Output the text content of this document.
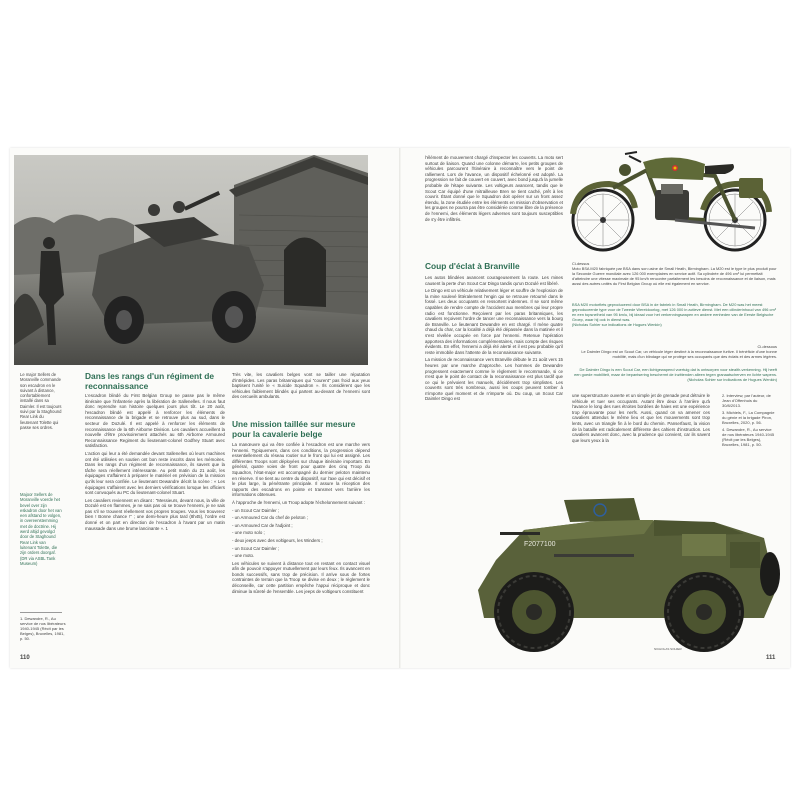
Le major Sellers de Moranville commande son escadron en le suivant à distance, confortablement installé dans sa Daimler. Il est toujours suivi par la Staghound Rear Link du lieutenant Tolette qui passe ses ordres.
Majoor Sellers de Moranville voerde het bevel over zijn eskadron door het van een afstand te volgen, in overeenstemming met de doctrine. Hij werd altijd gevolgd door de Staghound Rear Link van luitenant Tolette, die zijn orders doorgaf. (DR via ASBL Tank Museum)
1. Dewandre, R., Au service de nos libérateurs 1940-1945 (Récit par les Belges), Bruxelles, 1981, p. 50.
Dans les rangs d'un régiment de reconnaissance

L'escadron blindé du First Belgian Group ne passe pas le même itinéraire que l'infanterie après la libération de Sallenelles. Il nous faut donc reprendre son histoire quelques jours plus tôt. Le 20 août, l'escadron blindé est appelé à renforcer les éléments de reconnaissance de la brigade et se retrouve plus au sud, dans le secteur de Dozulé. Il est appelé à renforcer les éléments de reconnaissance de la 6th Airborne Division. Les cavaliers accueillent la nouvelle d'être provisoirement attachés au 6th Airborne Armoured Reconnaissance Regiment du lieutenant-colonel Godfrey Stuart avec satisfaction.

L'action qui leur a été demandée devant Sallenelles où leurs machines ont été utilisées en soutien ont bon reste inscrits dans les mémoires. Dans les rangs d'un régiment de reconnaissance, ils savent que la tâche sera réellement intéressante. Au petit matin du 21 août, les équipages s'affairent à préparer le matériel en prévision de la mission qu'ils leur sera confiée. Le lieutenant Dewandre décrit la scène : « Les équipages s'affairent avec les derniers vérifications lorsque les officiers sont convoqués au PC du lieutenant-colonel Stuart.

Les cavaliers reviennent en disant : "Messieurs, devant nous, la ville de Dozulé est en flammes, je ne sais pas où se trouve l'ennemi, je ne sais pas s'il se trouvent réellement vos propres troupes. Vous les trouverez bien ! Bonne chance !" ; une demi-heure plus tard (8h45), l'ordre est donné et on part en direction de l'escadron à l'avant par un matin maussade dans une brume lancinante ». 1

Très vite, les cavaliers belges vont se tailler une réputation d'intrépides. Les paras britanniques qui "courent" pas froid aux yeux baptisent l'unité le « Suicide Squadron ». Ils considèrent que les véhicules faiblement blindés qui partent au-devant de l'ennemi sont des cercueils ambulants.

Une mission taillée sur mesure pour la cavalerie belge

La manœuvre qui va être confiée à l'escadron est une marche vers l'ennemi. Typiquement, dans ces conditions, la progression dépend essentiellement du réseau routier sur le front qui lui est assigné. Les différentes Troops sont déployées sur chaque itinéraire important. En général, quatre voies de front pour quatre des cinq Troop du Squadron, l'état-major est accompagné du dernier peloton maintenu en réserve. Il se tient au centre du dispositif, sur l'axe qui est décisif et le plus large, la pénétrante principale. Il assure la réception des rapports des escadrons en pointe et transmet vers l'arrière les informations obtenues.

À l'approche de l'ennemi, un Troop adopte l'échelonnement suivant :

- un Scout Car Daimler ;

- un Armoured Car du chef de peloton ;

- un Armoured Car de l'adjoint ;

- une moto solo ;

- deux jeeps avec des voltigeurs, les Winders ;

- un Scout Car Daimler ;

- une moto.

Les véhicules se suivent à distance tout en restant en contact visuel afin de pouvoir s'appuyer mutuellement par leurs feux. Ils avancent en bonds successifs, sans trop de précision. Il arrive sous de fortes contraintes de terrain que la Troop se divise en deux ; le règlement le déconseille, car cette partition empêche l'appui réciproque et donc diminue la sûreté de l'ensemble. Les jeeps de voltigeurs constituent

110

l'élément de mouvement chargé d'inspecter les couverts. La moto sert surtout de liaison. Quand une colonne démarre, les petits groupes de véhicules parcourent l'itinéraire à reconnaître vers le point de ralliement. Lors de l'avance, un dispositif échelonné est adopté. La progression se fait de couvert en couvert, avec bond jusqu'à la jumelle probable de l'étape suivante. Les voltigeurs avancent, tandis que le Scout Car équipé d'une mitrailleuse Bren se tient caché, prêt à les couvrir. Étant donné que le Squadron doit opérer sur un front assez étendu, la zone étudiée entre les éléments en mission d'observation et les groupes ne pourra pas être considérée comme libre de la présence de l'ennemi, des éléments légers adverses sont toujours susceptibles de s'y être infiltrés.

Coup d'éclat à Branville

Les autos blindées avancent courageusement la route. Les mines causent la perte d'un Scout Car Dingo tandis qu'un Dozulé est libéré.

Le Dingo est un véhicule relativement léger et souffre de l'explosion de la mine soulevé littéralement l'engin qui se retrouve retourné dans le fossé. Les deux occupants en ressortent indemnes. Il se sont même capables de rendre compte de l'accident aux membres qui leur propre radio est fonctionne. Reçoivent par les paras britanniques, les cavaliers reçoivent l'ordre de tancer une reconnaissance vers la bourg de Branville. Le lieutenant Dewandre en est chargé. Il mène quatre chaud du char, car la localité a déjà été dépassée dans la matinée et il s'est révélée occupée en force par l'ennemi. Retenue l'opération apportera des informations complémentaires, mais compte des risques évidents. En effet, l'ennemi a déjà été alerté et il est peu probable qu'il reste immobile dans l'attente de la reconnaissance suivante.

La mission de reconnaissance vers Branville débute le 21 août vers 15 heures par une marche d'approche. Les hommes de Dewandre progressent exactement comme le règlement le recommande, si ce n'est que le point de contact de la reconnaissance est plus tardif que ce qui le prévoient les manuels, décidément trop simplistes. Les couverts sont très nombreux, aussi les coups peuvent tomber à n'importe quel moment et de n'importe où. Du coup, un Scout Car Daimler Dingo est

Ci-dessus
Moto BSA M20 fabriquée par BSA dans son usine de Small Heath, Birmingham. La M20 est le type le plus produit pour la Seconde Guerre mondiale avec 126 000 exemplaires en service actif. Sa cylindrée de 496 cm³ lui permettait d'atteindre une vitesse maximale de 95 km/h rencontre parfaitement les besoins de reconnaissance et de liaison, mais aussi des autres unités du First Belgian Group où elle est également en service.
BSA M20 motorfiets geproduceerd door BSA in de fabriek in Small Heath, Birmingham. De M20 was het meest geproduceerde type voor de Tweede Wereldoorlog, met 126 000 in actieve dienst. Met een cilinderinhoud van 496 cm³ en een topsnelheid van 95 km/u, bij ideaal voor het verkenningswapen en andere eenheden van de Eerste Belgische Groep, waar hij ook in dienst was.
(Nicholas Sohier sur indications de Hugues Wenkin)
Ci-dessous
Le Daimler Dingo est un Scout Car, un véhicule léger destiné à la reconnaissance furtive. Il bénéficie d'une bonne mobilité, mais d'un blindage qui ne protège ses occupants que des éclats et des armes légères.
De Daimler Dingo is een Scout Car, een lichtgewapend voertuig dat is ontworpen voor stealth-verkenning. Hij heeft een goede mobiliteit, maar de bepantsering beschermt de inzittenden alleen tegen granaatscherven en lichte wapens.
(Nicholas Sohier sur indications de Hugues Wenkin)

une superstructure ouverte et un simple jet de grenade peut détruire le véhicule et tuer ses occupants. Autant être deux à l'arrière qu'à l'avance le long des rues étroites bordées de haies est une expérience trop éprouvante pour les nerfs. Aussi, quand on va amener ces cavaliers attendus le même lieu et que les mouvements sont trop lents, avec un triangle fin à le bord du chemin. Panserfaust, la vision de la bataille est radicalement différente des cahiers d'instruction. Les cavaliers avancent donc, avec la prudence qui convient, car ils savent que leurs yeux à la

2. Interview, par l'auteur, de Jean d'Offenhuis du 30/8/2013.

3. Michiels, F., La Compagnie du génie et la brigade Piron, Bruxelles, 2020, p. 56.

4. Dewandre, R., Au service de nos libérateurs 1940-1945 (Récit par les Belges), Bruxelles, 1981, p. 50.

F2077100
NICHOLAS SOHIER
111
